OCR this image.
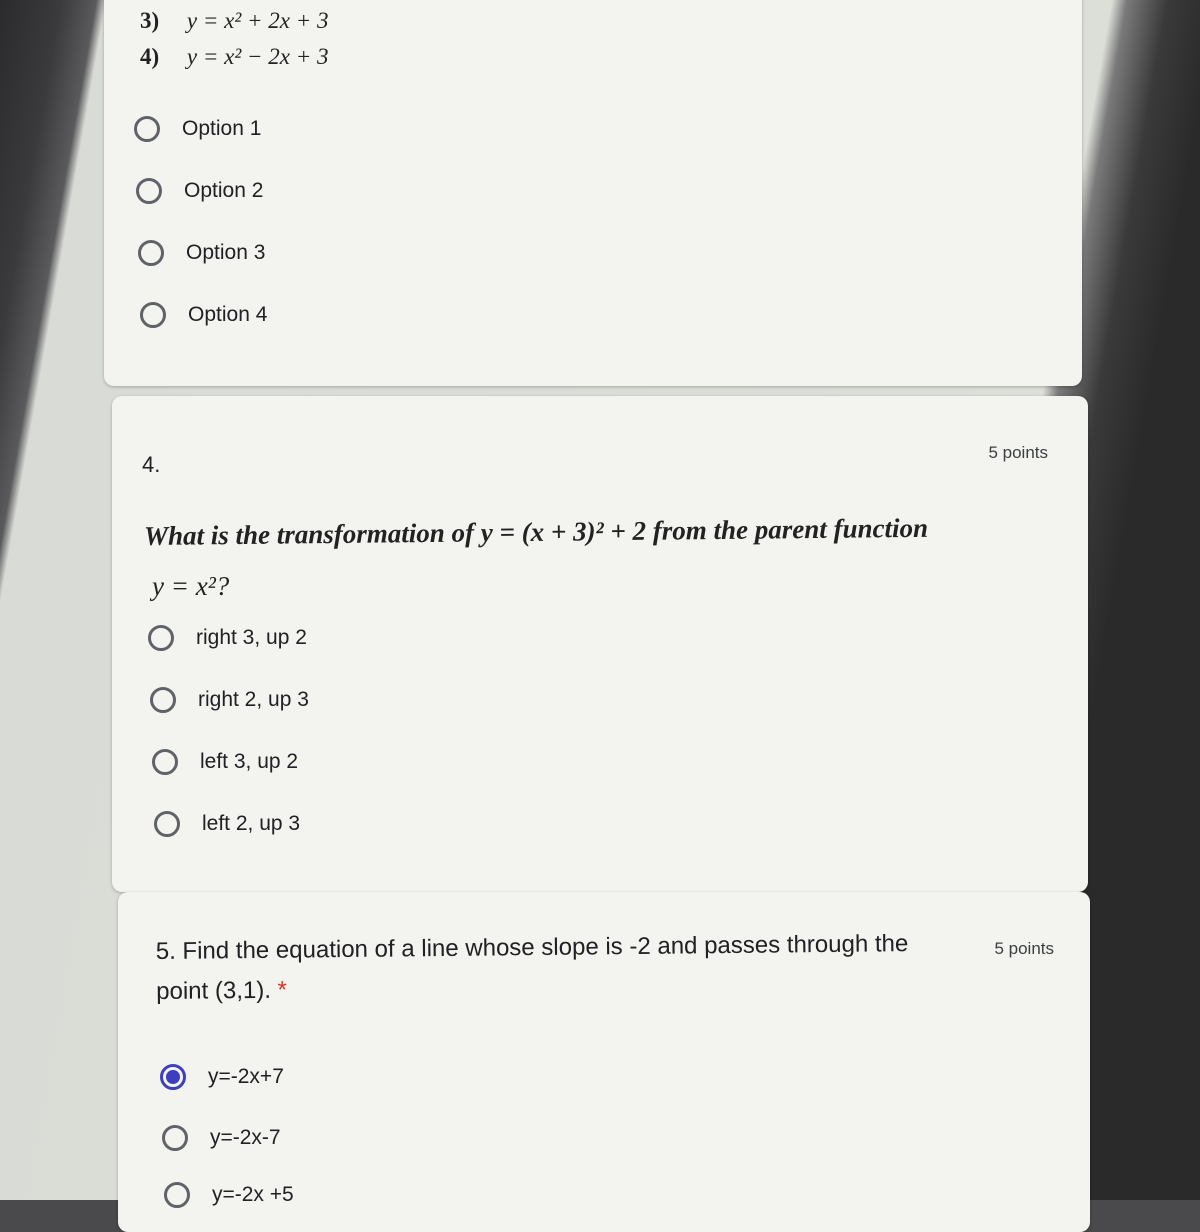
3) y = x² + 2x + 3
4) y = x² − 2x + 3
Option 1
Option 2
Option 3
Option 4
4.	5 points
What is the transformation of y = (x + 3)² + 2 from the parent function
y = x²?
right 3, up 2
right 2, up 3
left 3, up 2
left 2, up 3
5 points
5. Find the equation of a line whose slope is -2 and passes through the point (3,1). *
y=-2x+7
y=-2x-7
y=-2x +5
